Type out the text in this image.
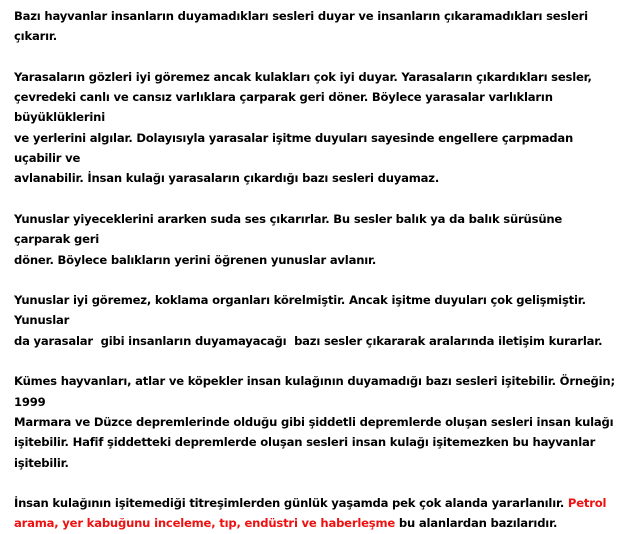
Bazı hayvanlar insanların duyamadıkları sesleri duyar ve insanların çıkaramadıkları sesleri çıkarır.

Yarasaların gözleri iyi göremez ancak kulakları çok iyi duyar. Yarasaların çıkardıkları sesler,
çevredeki canlı ve cansız varlıklara çarparak geri döner. Böylece yarasalar varlıkların büyüklüklerini
ve yerlerini algılar. Dolayısıyla yarasalar işitme duyuları sayesinde engellere çarpmadan uçabilir ve
avlanabilir. İnsan kulağı yarasaların çıkardığı bazı sesleri duyamaz.

Yunuslar yiyeceklerini ararken suda ses çıkarırlar. Bu sesler balık ya da balık sürüsüne çarparak geri
döner. Böylece balıkların yerini öğrenen yunuslar avlanır.

Yunuslar iyi göremez, koklama organları körelmiştir. Ancak işitme duyuları çok gelişmiştir. Yunuslar
da yarasalar  gibi insanların duyamayacağı  bazı sesler çıkararak aralarında iletişim kurarlar.

Kümes hayvanları, atlar ve köpekler insan kulağının duyamadığı bazı sesleri işitebilir. Örneğin; 1999
Marmara ve Düzce depremlerinde olduğu gibi şiddetli depremlerde oluşan sesleri insan kulağı
işitebilir. Hafif şiddetteki depremlerde oluşan sesleri insan kulağı işitemezken bu hayvanlar
işitebilir.

İnsan kulağının işitemediği titreşimlerden günlük yaşamda pek çok alanda yararlanılır. Petrol
arama, yer kabuğunu inceleme, tıp, endüstri ve haberleşme bu alanlardan bazılarıdır.
